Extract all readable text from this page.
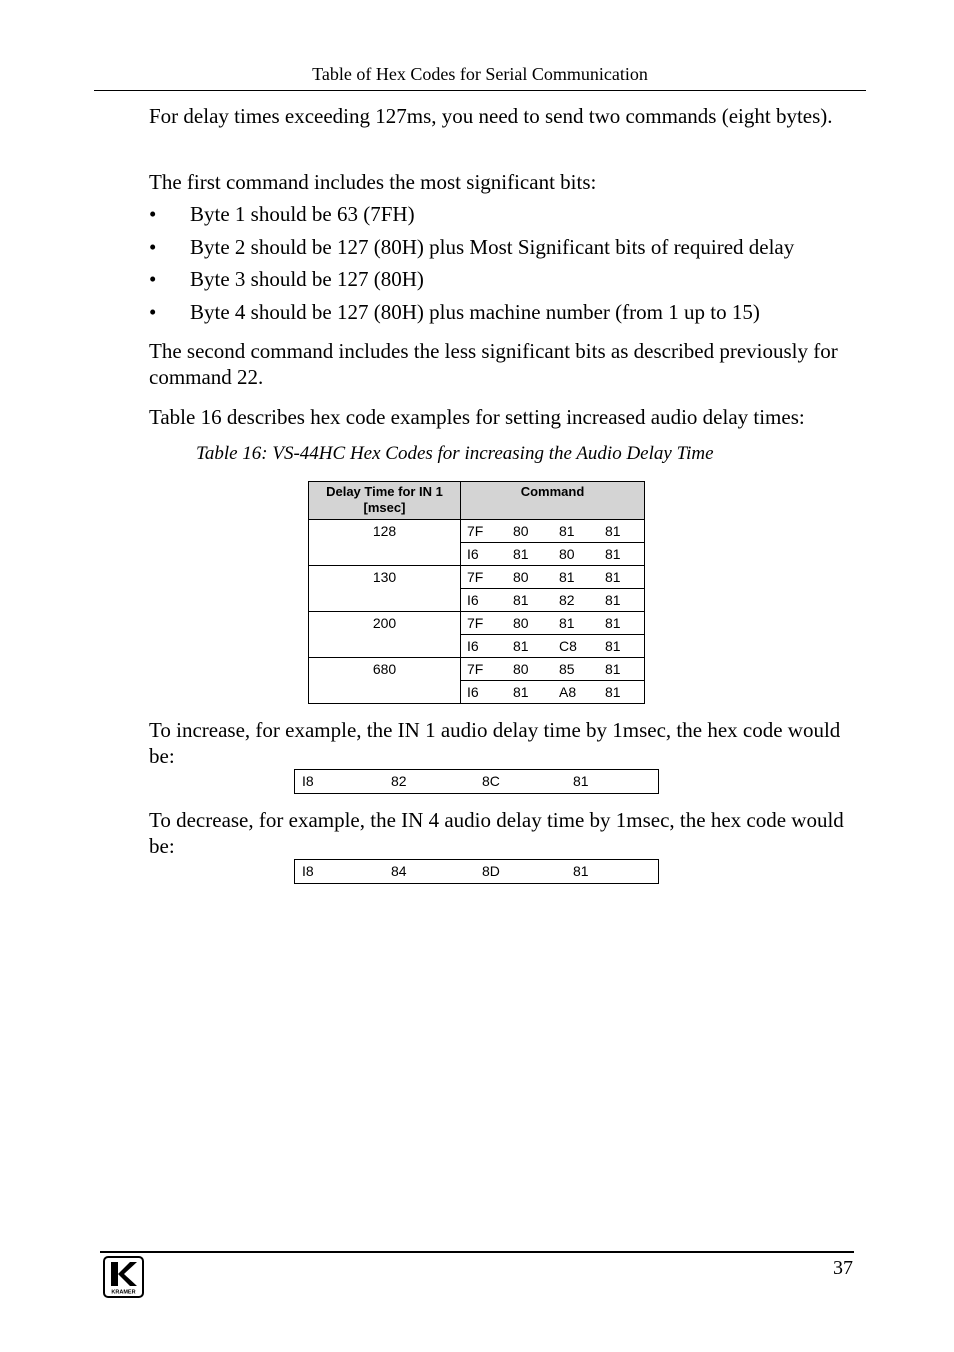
Table of Hex Codes for Serial Communication
For delay times exceeding 127ms, you need to send two commands (eight bytes).
The first command includes the most significant bits:
• Byte 1 should be 63 (7FH)
• Byte 2 should be 127 (80H) plus Most Significant bits of required delay
• Byte 3 should be 127 (80H)
• Byte 4 should be 127 (80H) plus machine number (from 1 up to 15)
The second command includes the less significant bits as described previously for command 22.
Table 16 describes hex code examples for setting increased audio delay times:
Table 16: VS-44HC Hex Codes for increasing the Audio Delay Time
Delay Time for IN 1 [msec]	Command
128	7F 80 81 81
	I6 81 80 81
130	7F 80 81 81
	I6 81 82 81
200	7F 80 81 81
	I6 81 C8 81
680	7F 80 85 81
	I6 81 A8 81
To increase, for example, the IN 1 audio delay time by 1msec, the hex code would be:
I8	82	8C	81
To decrease, for example, the IN 4 audio delay time by 1msec, the hex code would be:
I8	84	8D	81
KRAMER
37
